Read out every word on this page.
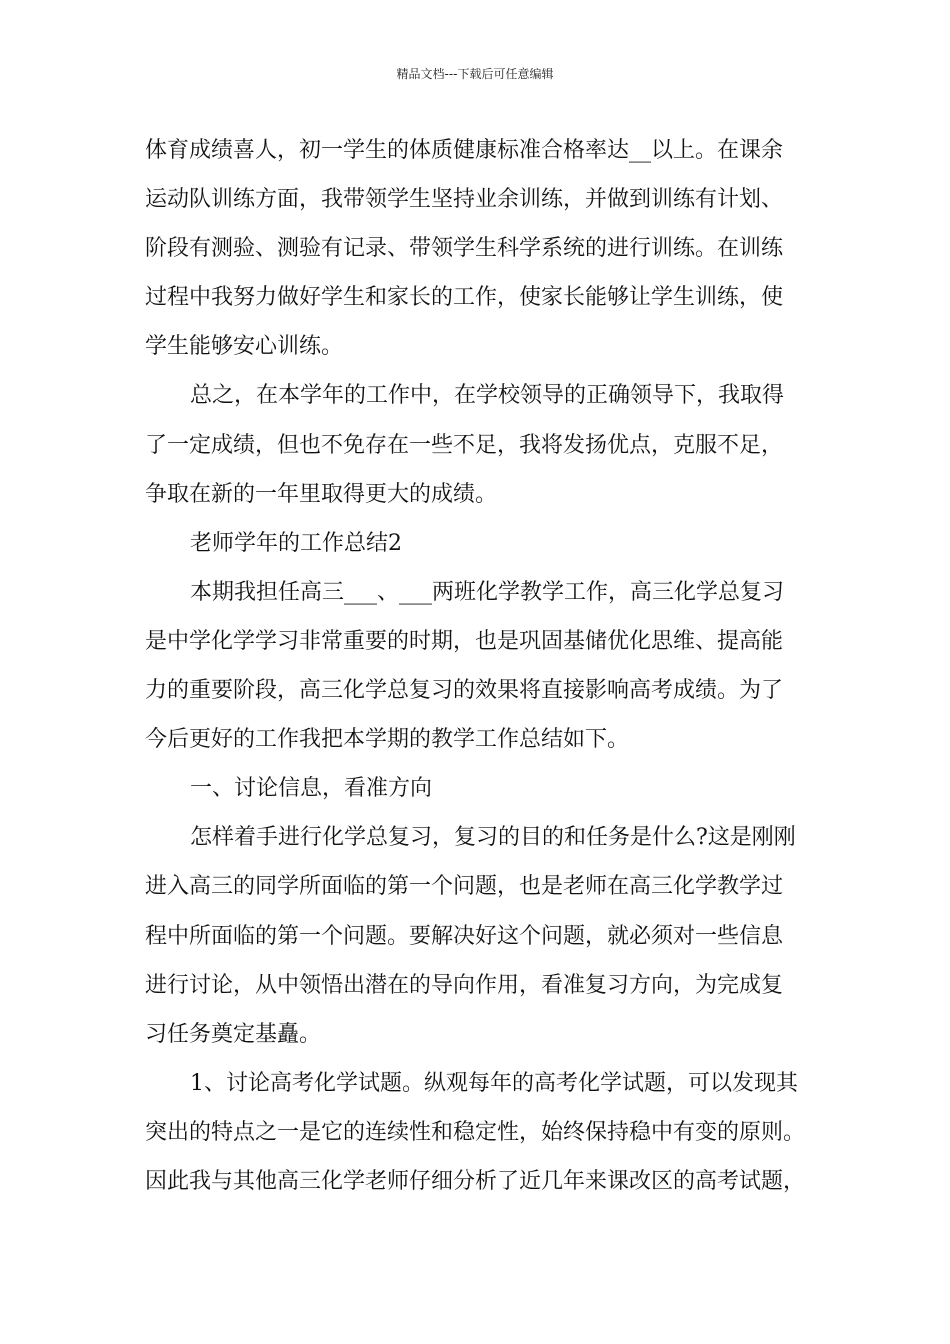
精品文档---下载后可任意编辑
体育成绩喜人，初一学生的体质健康标准合格率达__以上。在课余
运动队训练方面，我带领学生坚持业余训练，并做到训练有计划、
阶段有测验、测验有记录、带领学生科学系统的进行训练。在训练
过程中我努力做好学生和家长的工作，使家长能够让学生训练，使
学生能够安心训练。
总之，在本学年的工作中，在学校领导的正确领导下，我取得
了一定成绩，但也不免存在一些不足，我将发扬优点，克服不足，
争取在新的一年里取得更大的成绩。
老师学年的工作总结2
本期我担任高三___、___两班化学教学工作，高三化学总复习
是中学化学学习非常重要的时期，也是巩固基储优化思维、提高能
力的重要阶段，高三化学总复习的效果将直接影响高考成绩。为了
今后更好的工作我把本学期的教学工作总结如下。
一、讨论信息，看准方向
怎样着手进行化学总复习，复习的目的和任务是什么?这是刚刚
进入高三的同学所面临的第一个问题，也是老师在高三化学教学过
程中所面临的第一个问题。要解决好这个问题，就必须对一些信息
进行讨论，从中领悟出潜在的导向作用，看准复习方向，为完成复
习任务奠定基矗。
1、讨论高考化学试题。纵观每年的高考化学试题，可以发现其
突出的特点之一是它的连续性和稳定性，始终保持稳中有变的原则。
因此我与其他高三化学老师仔细分析了近几年来课改区的高考试题，
